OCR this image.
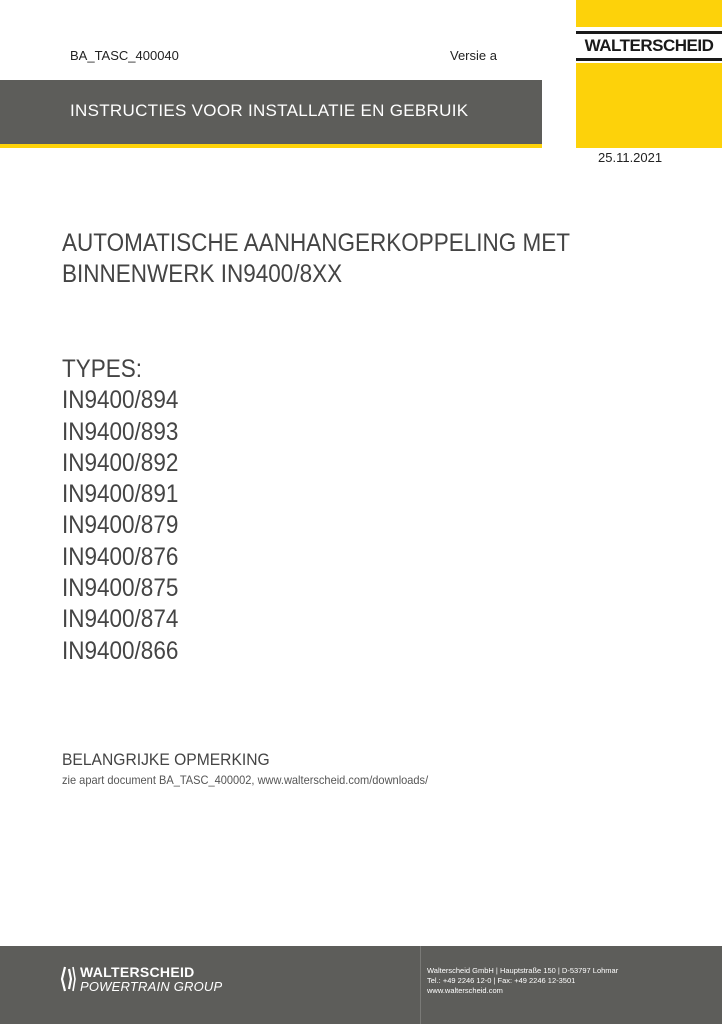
BA_TASC_400040	Versie a
WALTERSCHEID
INSTRUCTIES VOOR INSTALLATIE EN GEBRUIK
25.11.2021
AUTOMATISCHE AANHANGERKOPPELING MET
BINNENWERK IN9400/8XX
TYPES:
IN9400/894
IN9400/893
IN9400/892
IN9400/891
IN9400/879
IN9400/876
IN9400/875
IN9400/874
IN9400/866
BELANGRIJKE OPMERKING
zie apart document BA_TASC_400002, www.walterscheid.com/downloads/
WALTERSCHEID
POWERTRAIN GROUP
Walterscheid GmbH | Hauptstraße 150 | D-53797 Lohmar
Tel.: +49 2246 12-0 | Fax: +49 2246 12-3501
www.walterscheid.com
